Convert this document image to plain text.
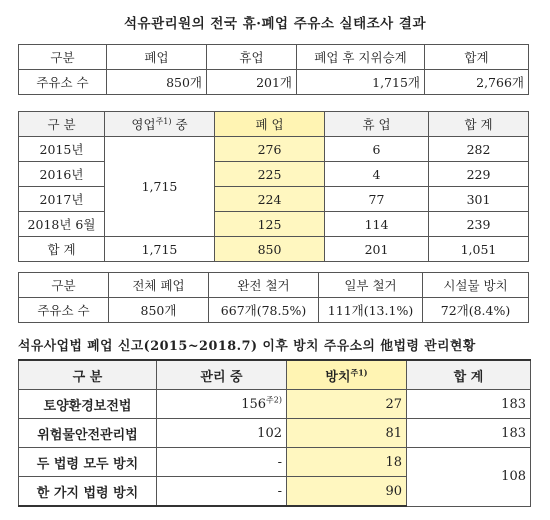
석유관리원의 전국 휴·폐업 주유소 실태조사 결과
구분	폐업	휴업	폐업 후 지위승계	합계
주유소 수	850개	201개	1,715개	2,766개
구 분	영업$^{주1)}$ 중	폐 업	휴 업	합 계
2015년	1,715	276	6	282
2016년		225	4	229
2017년		224	77	301
2018년 6월		125	114	239
합 계	1,715	850	201	1,051
구분	전체 폐업	완전 철거	일부 철거	시설물 방치
주유소 수	850개	667개(78.5%)	111개(13.1%)	72개(8.4%)
석유사업법 폐업 신고(2015~2018.7) 이후 방치 주유소의 他법령 관리현황
구 분	관리 중	방치$^{주1)}$	합 계
토양환경보전법	$156^{주2)}$	27	183
위험물안전관리법	102	81	183
두 법령 모두 방치	-	18	108
한 가지 법령 방치	-	90	
